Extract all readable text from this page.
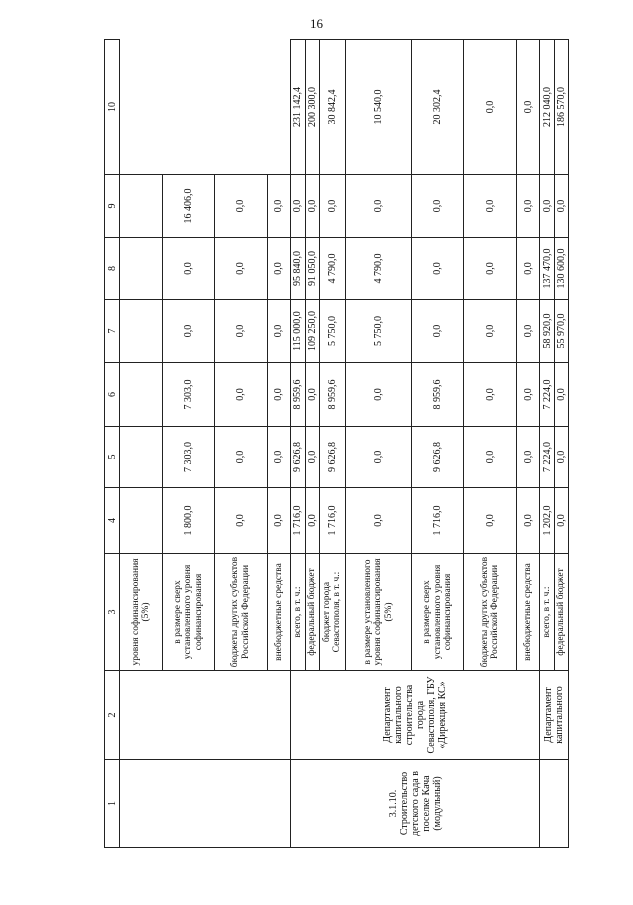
16
1	2	3	4	5	6	7	8	9	10
		уровня софинансирования (5%)							
		в размере сверх установленного уровня софинансирования	1 800,0	7 303,0	7 303,0	0,0	0,0	16 406,0	
		бюджеты других субъектов Российской Федерации	0,0	0,0	0,0	0,0	0,0	0,0	
		внебюджетные средства	0,0	0,0	0,0	0,0	0,0	0,0	
3.1.10. Строительство детского сада в поселке Кача (модульный)	Департамент капитального строительства города Севастополя, ГБУ «Дирекция КС»	всего, в т. ч.:	1 716,0	9 626,8	8 959,6	115 000,0	95 840,0	0,0	231 142,4
		федеральный бюджет	0,0	0,0	0,0	109 250,0	91 050,0	0,0	200 300,0
		бюджет города Севастополя, в т. ч.:	1 716,0	9 626,8	8 959,6	5 750,0	4 790,0	0,0	30 842,4
		в размере установленного уровня софинансирования (5%)	0,0	0,0	0,0	5 750,0	4 790,0	0,0	10 540,0
		в размере сверх установленного уровня софинансирования	1 716,0	9 626,8	8 959,6	0,0	0,0	0,0	20 302,4
		бюджеты других субъектов Российской Федерации	0,0	0,0	0,0	0,0	0,0	0,0	0,0
		внебюджетные средства	0,0	0,0	0,0	0,0	0,0	0,0	0,0
	Департамент капитального	всего, в т. ч.:	1 202,0	7 224,0	7 224,0	58 920,0	137 470,0	0,0	212 040,0
		федеральный бюджет	0,0	0,0	0,0	55 970,0	130 600,0	0,0	186 570,0
